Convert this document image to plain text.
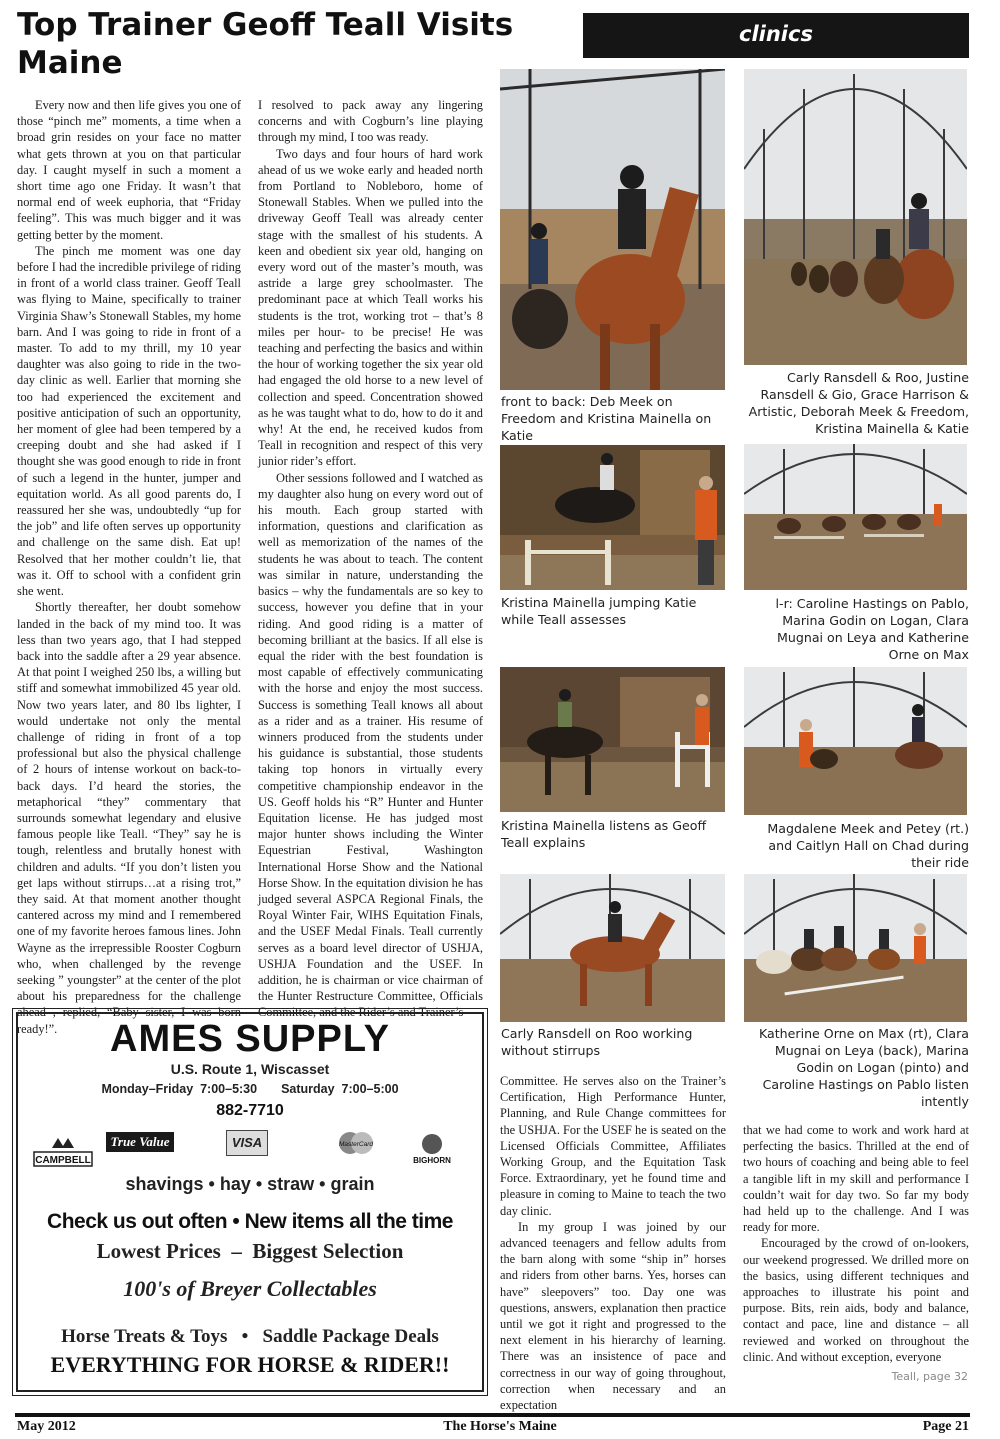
Top Trainer Geoff Teall Visits Maine
clinics

Every now and then life gives you one of those “pinch me” moments, a time when a broad grin resides on your face no matter what gets thrown at you on that particular day. I caught myself in such a moment a short time ago one Friday. It wasn’t that normal end of week euphoria, that “Friday feeling”. This was much bigger and it was getting better by the moment.

The pinch me moment was one day before I had the incredible privilege of riding in front of a world class trainer. Geoff Teall was flying to Maine, specifically to trainer Virginia Shaw’s Stonewall Stables, my home barn. And I was going to ride in front of a master. To add to my thrill, my 10 year daughter was also going to ride in the two-day clinic as well. Earlier that morning she too had experienced the excitement and positive anticipation of such an opportunity, her moment of glee had been tempered by a creeping doubt and she had asked if I thought she was good enough to ride in front of such a legend in the hunter, jumper and equitation world. As all good parents do, I reassured her she was, undoubtedly “up for the job” and life often serves up opportunity and challenge on the same dish. Eat up! Resolved that her mother couldn’t lie, that was it. Off to school with a confident grin she went.

Shortly thereafter, her doubt somehow landed in the back of my mind too. It was less than two years ago, that I had stepped back into the saddle after a 29 year absence. At that point I weighed 250 lbs, a willing but stiff and somewhat immobilized 45 year old. Now two years later, and 80 lbs lighter, I would undertake not only the mental challenge of riding in front of a top professional but also the physical challenge of 2 hours of intense workout on back-to-back days. I’d heard the stories, the metaphorical “they” commentary that surrounds somewhat legendary and elusive famous people like Teall. “They” say he is tough, relentless and brutally honest with children and adults. “If you don’t listen you get laps without stirrups…at a rising trot,” they said. At that moment another thought cantered across my mind and I remembered one of my favorite heroes famous lines. John Wayne as the irrepressible Rooster Cogburn who, when challenged by the revenge seeking ” youngster” at the center of the plot about his preparedness for the challenge ahead , replied, “Baby sister, I was born ready!”.

I resolved to pack away any lingering concerns and with Cogburn’s line playing through my mind, I too was ready.

Two days and four hours of hard work ahead of us we woke early and headed north from Portland to Nobleboro, home of Stonewall Stables. When we pulled into the driveway Geoff Teall was already center stage with the smallest of his students. A keen and obedient six year old, hanging on every word out of the master’s mouth, was astride a large grey schoolmaster. The predominant pace at which Teall works his students is the trot, working trot – that’s 8 miles per hour- to be precise! He was teaching and perfecting the basics and within the hour of working together the six year old had engaged the old horse to a new level of collection and speed. Concentration showed as he was taught what to do, how to do it and why! At the end, he received kudos from Teall in recognition and respect of this very junior rider’s effort.

Other sessions followed and I watched as my daughter also hung on every word out of his mouth. Each group started with information, questions and clarification as well as memorization of the names of the students he was about to teach. The content was similar in nature, understanding the basics – why the fundamentals are so key to success, however you define that in your riding. And good riding is a matter of becoming brilliant at the basics. If all else is equal the rider with the best foundation is most capable of effectively communicating with the horse and enjoy the most success. Success is something Teall knows all about as a rider and as a trainer. His resume of winners produced from the students under his guidance is substantial, those students taking top honors in virtually every competitive championship endeavor in the US. Geoff holds his “R” Hunter and Hunter Equitation license. He has judged most major hunter shows including the Winter Equestrian Festival, Washington International Horse Show and the National Horse Show. In the equitation division he has judged several ASPCA Regional Finals, the Royal Winter Fair, WIHS Equitation Finals, and the USEF Medal Finals. Teall currently serves as a board level director of USHJA, USHJA Foundation and the USEF. In addition, he is chairman or vice chairman of the Hunter Restructure Committee, Officials Committee, and the Rider’s and Trainer’s

Committee. He serves also on the Trainer’s Certification, High Performance Hunter, Planning, and Rule Change committees for the USHJA. For the USEF he is seated on the Licensed Officials Committee, Affiliates Working Group, and the Equitation Task Force. Extraordinary, yet he found time and pleasure in coming to Maine to teach the two day clinic.

In my group I was joined by our advanced teenagers and fellow adults from the barn along with some “ship in” horses and riders from other barns. Yes, horses can have” sleepovers” too. Day one was questions, answers, explanation then practice until we got it right and progressed to the next element in his hierarchy of learning. There was an insistence of pace and correctness in our way of going throughout, correction when necessary and an expectation

that we had come to work and work hard at perfecting the basics. Thrilled at the end of two hours of coaching and being able to feel a tangible lift in my skill and performance I couldn’t wait for day two. So far my body had held up to the challenge. And I was ready for more.

Encouraged by the crowd of on-lookers, our weekend progressed. We drilled more on the basics, using different techniques and approaches to illustrate his point and purpose. Bits, rein aids, body and balance, contact and pace, line and distance – all reviewed and worked on throughout the clinic. And without exception, everyone

Teall, page 32
front to back: Deb Meek on Freedom and Kristina Mainella on Katie
Carly Ransdell & Roo, Justine Ransdell & Gio, Grace Harrison & Artistic, Deborah Meek & Freedom, Kristina Mainella & Katie
Kristina Mainella jumping Katie while Teall assesses
l-r: Caroline Hastings on Pablo, Marina Godin on Logan, Clara Mugnai on Leya and Katherine Orne on Max
Kristina Mainella listens as Geoff Teall explains
Magdalene Meek and Petey (rt.) and Caitlyn Hall on Chad during their ride
Carly Ransdell on Roo working without stirrups
Katherine Orne on Max (rt), Clara Mugnai on Leya (back), Marina Godin on Logan (pinto) and Caroline Hastings on Pablo listen intently
AMES SUPPLY
U.S. Route 1, Wiscasset
Monday–Friday  7:00–5:30 Saturday  7:00–5:00
882-7710
CAMPBELL
True Value	VISA	MasterCard
BIGHORN
shavings • hay • straw • grain
Check us out often • New items all the time
Lowest Prices  –  Biggest Selection
100's of Breyer Collectables
Horse Treats & Toys   •   Saddle Package Deals
EVERYTHING FOR HORSE & RIDER!!
May 2012	The Horse's Maine	Page 21
